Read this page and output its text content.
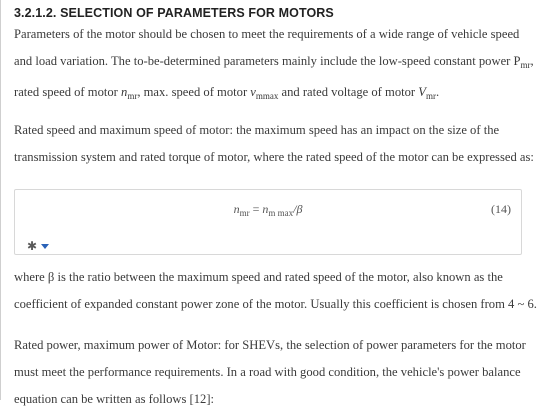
3.2.1.2. SELECTION OF PARAMETERS FOR MOTORS
Parameters of the motor should be chosen to meet the requirements of a wide range of vehicle speed
and load variation. The to-be-determined parameters mainly include the low-speed constant power $P_{mr}$,
rated speed of motor $n_{mr}$, max. speed of motor $v_{mmax}$ and rated voltage of motor $V_{mr}$.
Rated speed and maximum speed of motor: the maximum speed has an impact on the size of the
transmission system and rated torque of motor, where the rated speed of the motor can be expressed as:
$n_{mr} = n_{m max}/\beta$	(14)
✱
where β is the ratio between the maximum speed and rated speed of the motor, also known as the
coefficient of expanded constant power zone of the motor. Usually this coefficient is chosen from 4 ~ 6.
Rated power, maximum power of Motor: for SHEVs, the selection of power parameters for the motor
must meet the performance requirements. In a road with good condition, the vehicle's power balance
equation can be written as follows [12]:
